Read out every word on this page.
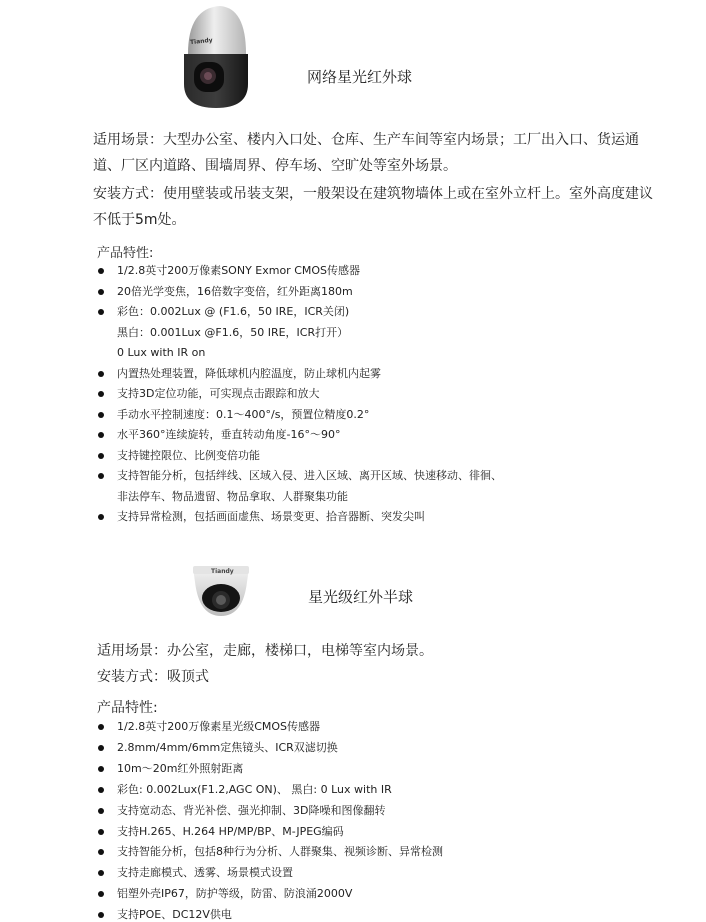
Tiandy
网络星光红外球
适用场景：大型办公室、楼内入口处、仓库、生产车间等室内场景；工厂出入口、货运通道、厂区内道路、围墙周界、停车场、空旷处等室外场景。
安装方式：使用壁装或吊装支架，一般架设在建筑物墙体上或在室外立杆上。室外高度建议不低于5m处。
产品特性:
1/2.8英寸200万像素SONY Exmor CMOS传感器
20倍光学变焦，16倍数字变倍，红外距离180m
彩色：0.002Lux @ (F1.6，50 IRE，ICR关闭)
黑白：0.001Lux @F1.6，50 IRE，ICR打开）
0 Lux with IR on
内置热处理装置，降低球机内腔温度，防止球机内起雾
支持3D定位功能，可实现点击跟踪和放大
手动水平控制速度：0.1～400°/s，预置位精度0.2°
水平360°连续旋转，垂直转动角度-16°～90°
支持键控限位、比例变倍功能
支持智能分析，包括绊线、区域入侵、进入区域、离开区域、快速移动、徘徊、
非法停车、物品遗留、物品拿取、人群聚集功能
支持异常检测，包括画面虚焦、场景变更、拾音器断、突发尖叫
Tiandy
星光级红外半球
适用场景：办公室，走廊，楼梯口，电梯等室内场景。
安装方式：吸顶式
产品特性:
1/2.8英寸200万像素星光级CMOS传感器
2.8mm/4mm/6mm定焦镜头、ICR双滤切换
10m～20m红外照射距离
彩色: 0.002Lux(F1.2,AGC ON)、 黑白: 0 Lux with IR
支持宽动态、背光补偿、强光抑制、3D降噪和图像翻转
支持H.265、H.264 HP/MP/BP、M-JPEG编码
支持智能分析，包括8种行为分析、人群聚集、视频诊断、异常检测
支持走廊模式、透雾、场景模式设置
铝塑外壳IP67，防护等级，防雷、防浪涌2000V
支持POE、DC12V供电
